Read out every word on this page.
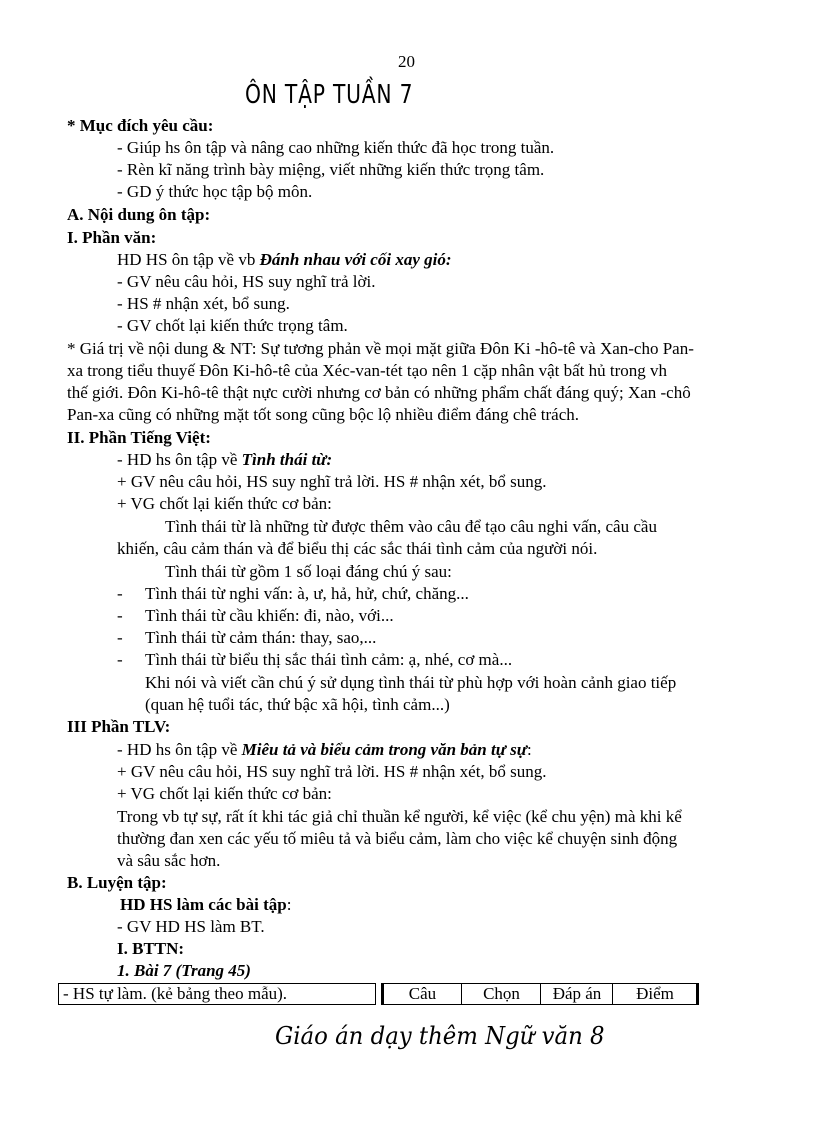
20
ÔN TẬP TUẦN 7
* Mục đích yêu cầu:
- Giúp hs ôn tập và nâng cao những kiến thức đã học trong tuần.
- Rèn kĩ năng trình bày miệng, viết những kiến thức trọng tâm.
- GD ý thức học tập bộ môn.
A. Nội dung ôn tập:
I. Phần văn:
HD HS ôn tập về vb Đánh nhau với cối xay gió:
- GV nêu câu hỏi, HS suy nghĩ trả lời.
- HS # nhận xét, bổ sung.
- GV chốt lại kiến thức trọng tâm.
* Giá trị về nội dung & NT: Sự tương phản về mọi mặt giữa Đôn Ki -hô-tê và Xan-cho Pan-
xa trong tiểu thuyế Đôn Ki-hô-tê của Xéc-van-tét tạo nên 1 cặp nhân vật bất hủ trong vh
thế giới. Đôn Ki-hô-tê thật nực cười nhưng cơ bản có những phẩm chất đáng quý; Xan -chô
Pan-xa cũng có những mặt tốt song cũng bộc lộ nhiều điểm đáng chê trách.
II. Phần Tiếng Việt:
- HD hs ôn tập về Tình thái từ:
+ GV nêu câu hỏi, HS suy nghĩ trả lời. HS # nhận xét, bổ sung.
+ VG chốt lại kiến thức cơ bản:
Tình thái từ là những từ được thêm vào câu để tạo câu nghi vấn, câu cầu
khiến, câu cảm thán và để biểu thị các sắc thái tình cảm của người nói.
Tình thái từ gồm 1 số loại đáng chú ý sau:
- Tình thái từ nghi vấn: à, ư, hả, hử, chứ, chăng...
- Tình thái từ cầu khiến: đi, nào, với...
- Tình thái từ cảm thán: thay, sao,...
- Tình thái từ biểu thị sắc thái tình cảm: ạ, nhé, cơ mà...
Khi nói và viết cần chú ý sử dụng tình thái từ phù hợp với hoàn cảnh giao tiếp
(quan hệ tuổi tác, thứ bậc xã hội, tình cảm...)
III Phần TLV:
- HD hs ôn tập về Miêu tả và biểu cảm trong văn bản tự sự:
+ GV nêu câu hỏi, HS suy nghĩ trả lời. HS # nhận xét, bổ sung.
+ VG chốt lại kiến thức cơ bản:
Trong vb tự sự, rất ít khi tác giả chỉ thuần kể người, kể việc (kể chu yện) mà khi kể
thường đan xen các yếu tố miêu tả và biểu cảm, làm cho việc kể chuyện sinh động
và sâu sắc hơn.
B. Luyện tập:
HD HS làm các bài tập:
- GV HD HS làm BT.
I. BTTN:
1. Bài 7 (Trang 45)
- HS tự làm. (kẻ bảng theo mẫu).	Câu	Chọn	Đáp án	Điểm
Giáo án dạy thêm Ngữ văn 8
